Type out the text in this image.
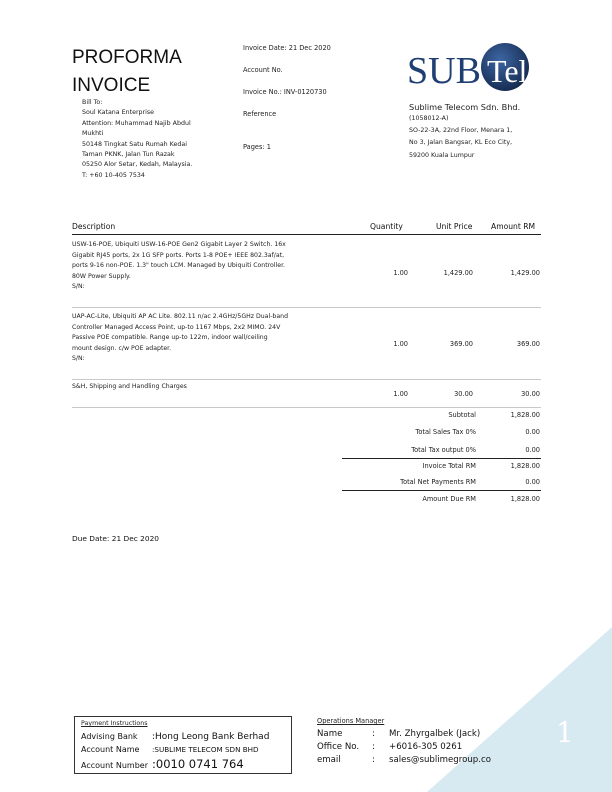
PROFORMA
INVOICE
Bill To:
Soul Katana Enterprise
Attention: Muhammad Najib Abdul
Mukhti
50148 Tingkat Satu Rumah Kedai
Taman PKNK, Jalan Tun Razak
05250 Alor Setar, Kedah, Malaysia.
T: +60 10-405 7534
Invoice Date: 21 Dec 2020
Account No.
Invoice No.: INV-0120730
Reference
Pages: 1
SUB Tel
Sublime Telecom Sdn. Bhd.
(1058012-A)
SO-22-3A, 22nd Floor, Menara 1,
No 3, Jalan Bangsar, KL Eco City,
59200 Kuala Lumpur
Description	Quantity	Unit Price Amount RM
USW-16-POE, Ubiquiti USW-16-POE Gen2 Gigabit Layer 2 Switch. 16x
Gigabit RJ45 ports, 2x 1G SFP ports. Ports 1-8 POE+ IEEE 802.3af/at,
ports 9-16 non-POE. 1.3" touch LCM. Managed by Ubiquiti Controller.
80W Power Supply.
S/N:
1.00	1,429.00	1,429.00
UAP-AC-Lite, Ubiquiti AP AC Lite. 802.11 n/ac 2.4GHz/5GHz Dual-band
Controller Managed Access Point, up-to 1167 Mbps, 2x2 MIMO. 24V
Passive POE compatible. Range up-to 122m, indoor wall/ceiling
mount design. c/w POE adapter.
S/N:
1.00	369.00	369.00
S&H, Shipping and Handling Charges
1.00	30.00	30.00
Subtotal	1,828.00
Total Sales Tax 0%	0.00
Total Tax output 0%	0.00
Invoice Total RM	1,828.00
Total Net Payments RM	0.00
Amount Due RM	1,828.00
Due Date: 21 Dec 2020
1
Payment Instructions
Advising Bank :Hong Leong Bank Berhad
Account Name :SUBLIME TELECOM SDN BHD
Account Number :0010 0741 764
Operations Manager
Name	: Mr. Zhyrgalbek (Jack)
Office No. : +6016-305 0261
email	: sales@sublimegroup.co
